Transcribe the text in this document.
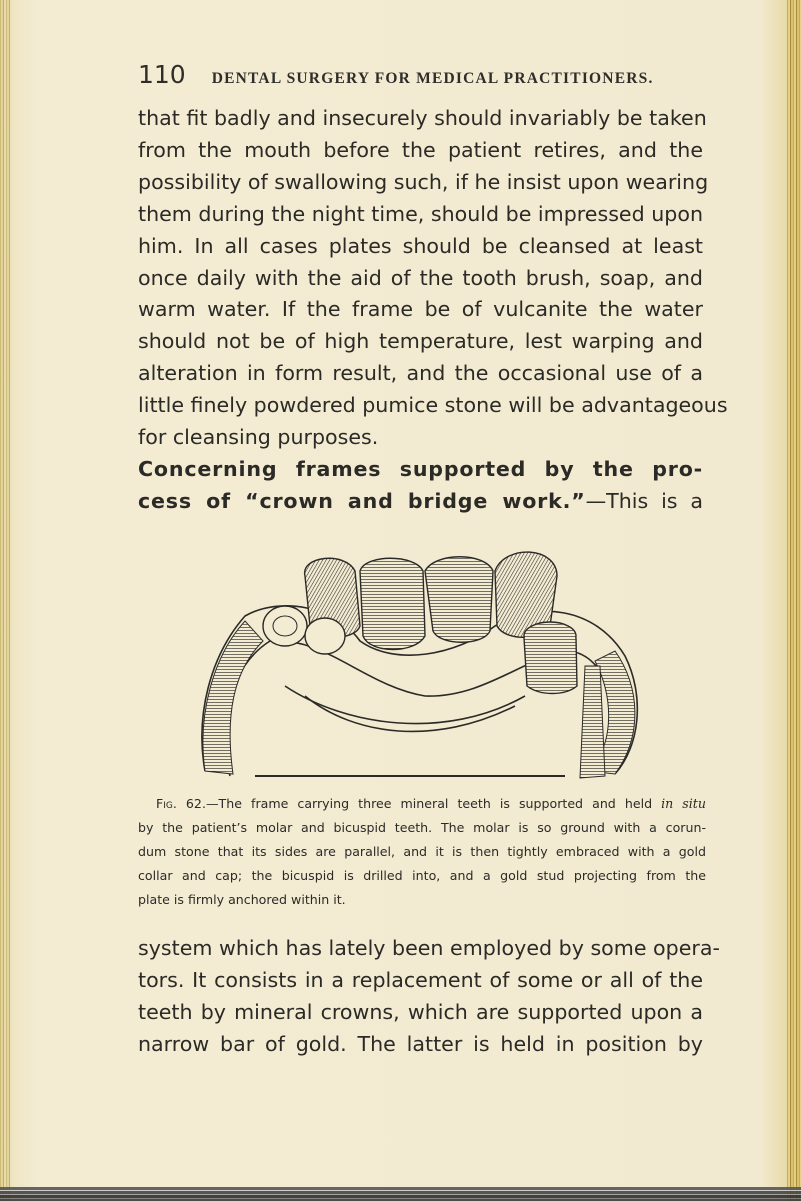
110 DENTAL SURGERY FOR MEDICAL PRACTITIONERS.

that fit badly and insecurely should invariably be taken
from the mouth before the patient retires, and the
possibility of swallowing such, if he insist upon wearing
them during the night time, should be impressed upon
him. In all cases plates should be cleansed at least
once daily with the aid of the tooth brush, soap, and
warm water. If the frame be of vulcanite the water
should not be of high temperature, lest warping and
alteration in form result, and the occasional use of a
little finely powdered pumice stone will be advantageous
for cleansing purposes.

Concerning frames supported by the pro-
cess of “crown and bridge work.”—This is a

Fig. 62.—The frame carrying three mineral teeth is supported and held in situ
by the patient’s molar and bicuspid teeth. The molar is so ground with a corun-
dum stone that its sides are parallel, and it is then tightly embraced with a gold
collar and cap; the bicuspid is drilled into, and a gold stud projecting from the
plate is firmly anchored within it.

system which has lately been employed by some opera-
tors. It consists in a replacement of some or all of the
teeth by mineral crowns, which are supported upon a
narrow bar of gold. The latter is held in position by
